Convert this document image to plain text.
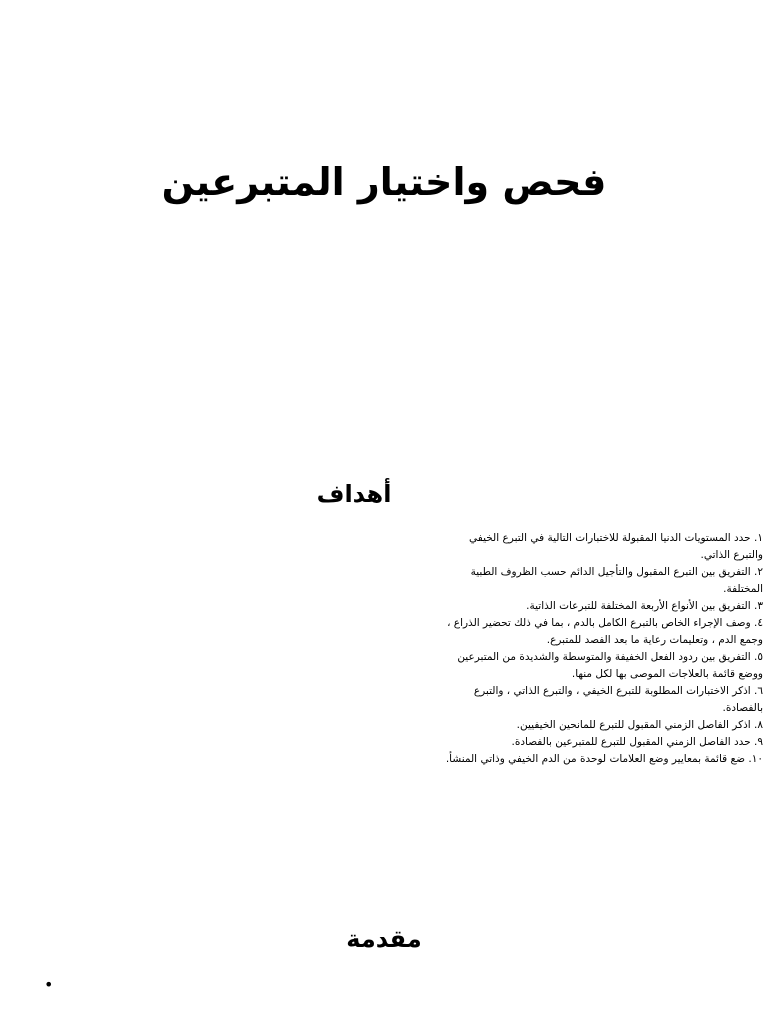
فحص واختيار المتبرعين
أهداف
١. حدد المستويات الدنيا المقبولة للاختبارات التالية في التبرع الخيفي والتبرع الذاتي.
٢. التفريق بين التبرع المقبول والتأجيل الدائم حسب الظروف الطبية المختلفة.
٣. التفريق بين الأنواع الأربعة المختلفة للتبرعات الذاتية.
٤. وصف الإجراء الخاص بالتبرع الكامل بالدم ، بما في ذلك تحضير الذراع ، وجمع الدم ، وتعليمات رعاية ما بعد الفصد للمتبرع.
٥. التفريق بين ردود الفعل الخفيفة والمتوسطة والشديدة من المتبرعين ووضع قائمة بالعلاجات الموصى بها لكل منها.
٦. اذكر الاختبارات المطلوبة للتبرع الخيفي ، والتبرع الذاتي ، والتبرع بالفصادة.
٨. اذكر الفاصل الزمني المقبول للتبرع للمانحين الخيفيين.
٩. حدد الفاصل الزمني المقبول للتبرع للمتبرعين بالفصادة.
١٠. ضع قائمة بمعايير وضع العلامات لوحدة من الدم الخيفي وذاتي المنشأ.
مقدمة
•
